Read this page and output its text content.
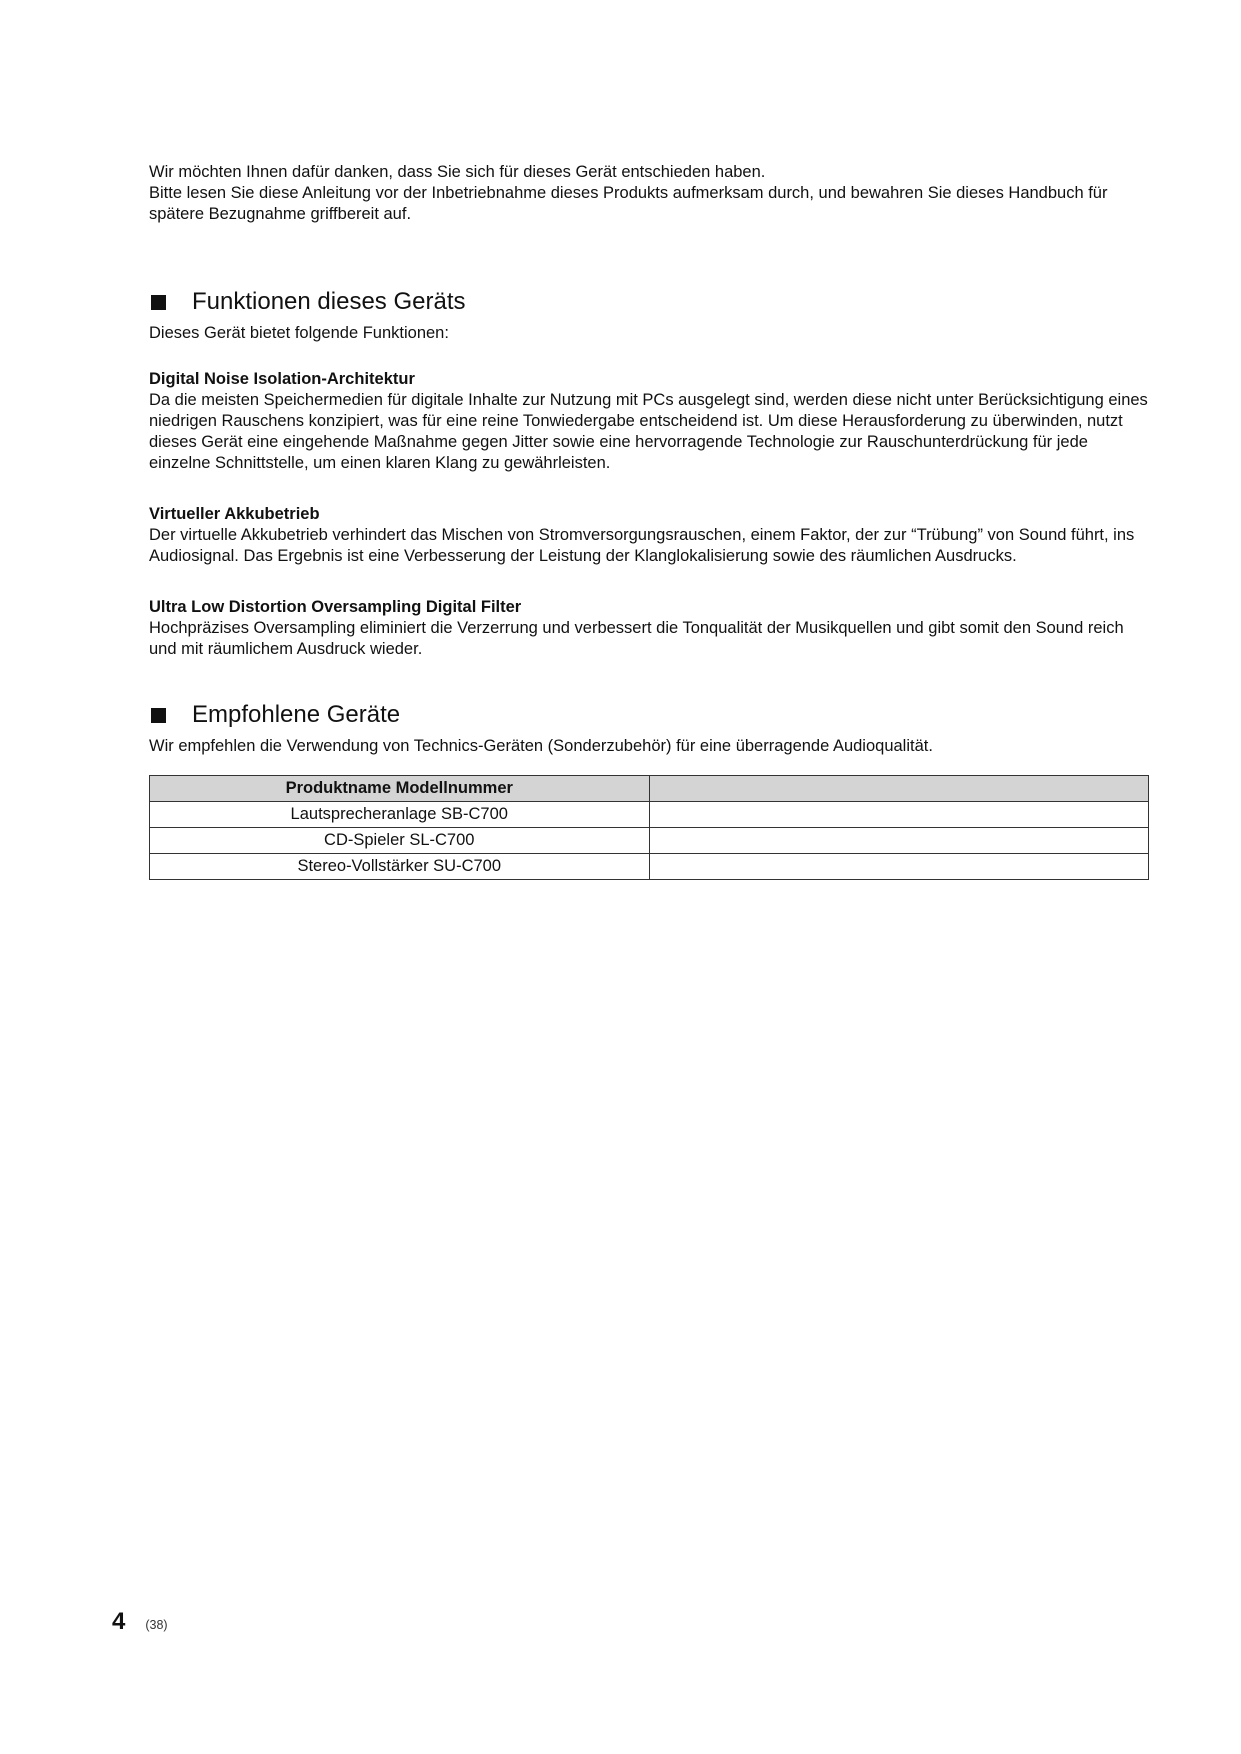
Wir möchten Ihnen dafür danken, dass Sie sich für dieses Gerät entschieden haben.

Bitte lesen Sie diese Anleitung vor der Inbetriebnahme dieses Produkts aufmerksam durch, und bewahren Sie dieses Handbuch für spätere Bezugnahme griffbereit auf.

Funktionen dieses Geräts

Dieses Gerät bietet folgende Funktionen:

Digital Noise Isolation-Architektur

Da die meisten Speichermedien für digitale Inhalte zur Nutzung mit PCs ausgelegt sind, werden diese nicht unter Berücksichtigung eines niedrigen Rauschens konzipiert, was für eine reine Tonwiedergabe entscheidend ist. Um diese Herausforderung zu überwinden, nutzt dieses Gerät eine eingehende Maßnahme gegen Jitter sowie eine hervorragende Technologie zur Rauschunterdrückung für jede einzelne Schnittstelle, um einen klaren Klang zu gewährleisten.

Virtueller Akkubetrieb

Der virtuelle Akkubetrieb verhindert das Mischen von Stromversorgungsrauschen, einem Faktor, der zur “Trübung” von Sound führt, ins Audiosignal. Das Ergebnis ist eine Verbesserung der Leistung der Klanglokalisierung sowie des räumlichen Ausdrucks.

Ultra Low Distortion Oversampling Digital Filter

Hochpräzises Oversampling eliminiert die Verzerrung und verbessert die Tonqualität der Musikquellen und gibt somit den Sound reich und mit räumlichem Ausdruck wieder.

Empfohlene Geräte

Wir empfehlen die Verwendung von Technics-Geräten (Sonderzubehör) für eine überragende Audioqualität.

Produktname Modellnummer	
Lautsprecheranlage SB-C700	
CD-Spieler SL-C700	
Stereo-Vollstärker SU-C700	
4 (38)
